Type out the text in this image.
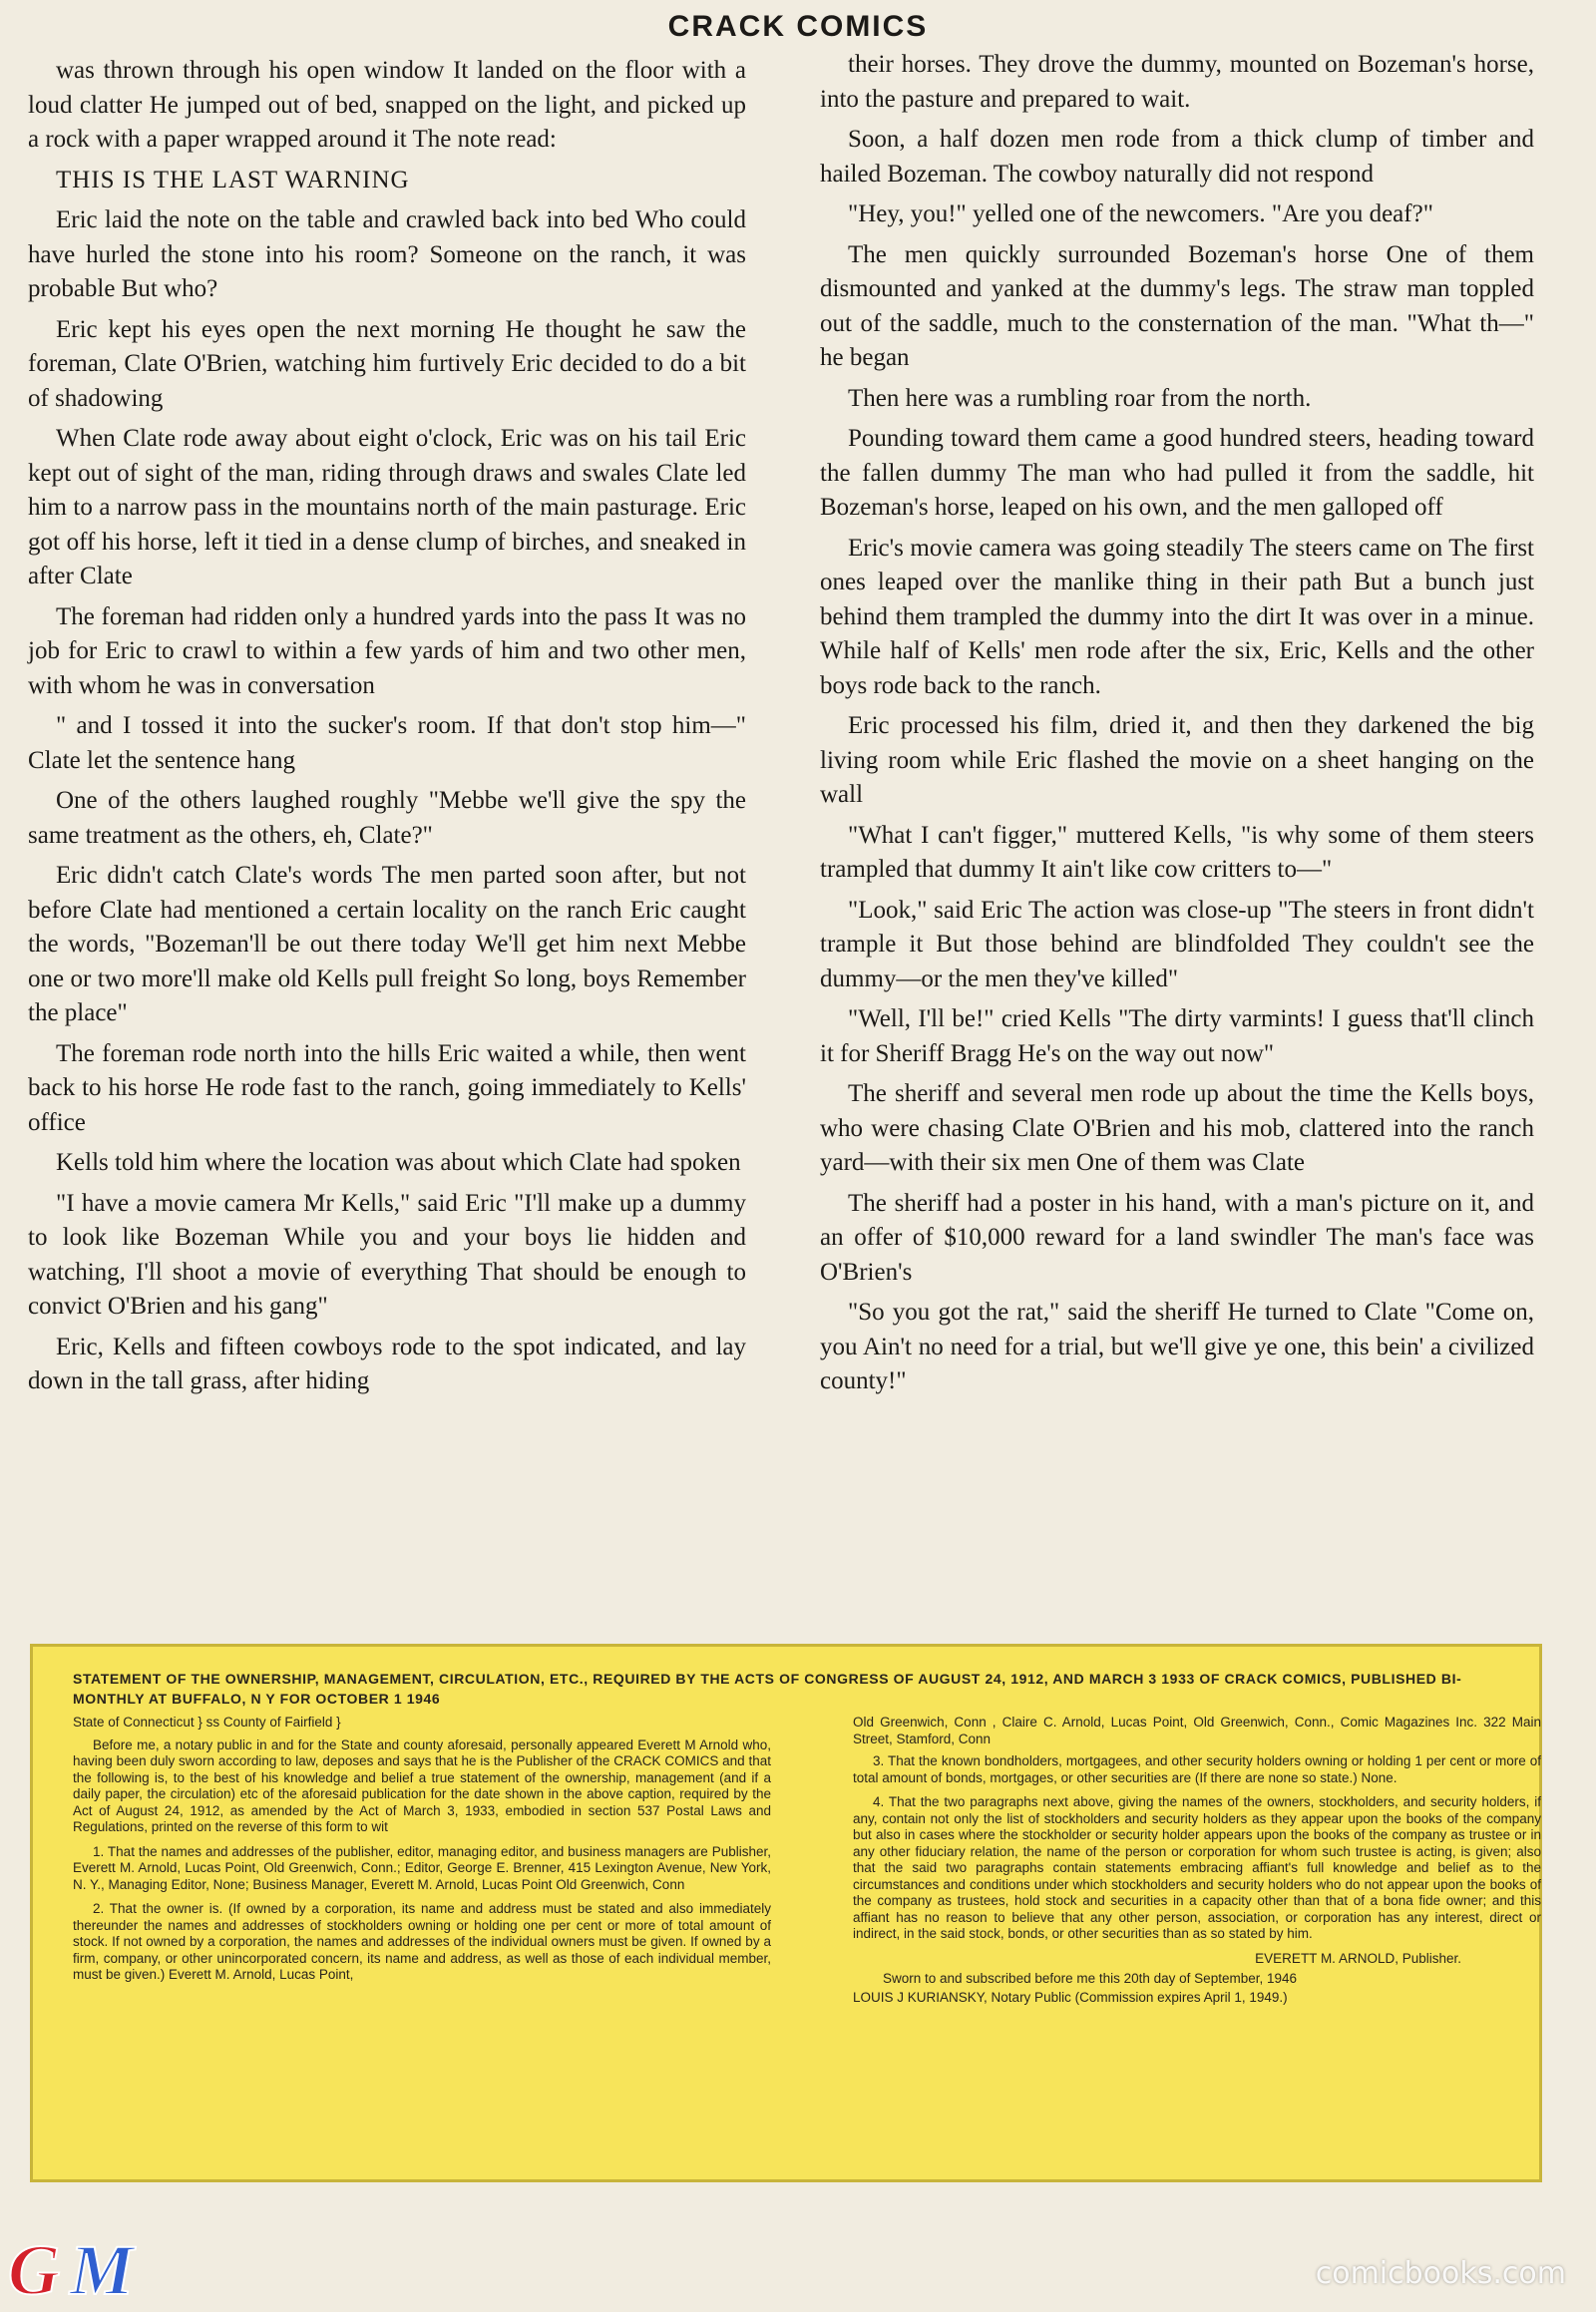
CRACK COMICS

was thrown through his open window It landed on the floor with a loud clatter He jumped out of bed, snapped on the light, and picked up a rock with a paper wrapped around it The note read:

THIS IS THE LAST WARNING

Eric laid the note on the table and crawled back into bed Who could have hurled the stone into his room? Someone on the ranch, it was probable But who?

Eric kept his eyes open the next morning He thought he saw the foreman, Clate O'Brien, watching him furtively Eric decided to do a bit of shadowing

When Clate rode away about eight o'clock, Eric was on his tail Eric kept out of sight of the man, riding through draws and swales Clate led him to a narrow pass in the mountains north of the main pasturage. Eric got off his horse, left it tied in a dense clump of birches, and sneaked in after Clate

The foreman had ridden only a hundred yards into the pass It was no job for Eric to crawl to within a few yards of him and two other men, with whom he was in conversation

" and I tossed it into the sucker's room. If that don't stop him—" Clate let the sentence hang

One of the others laughed roughly "Mebbe we'll give the spy the same treatment as the others, eh, Clate?"

Eric didn't catch Clate's words The men parted soon after, but not before Clate had mentioned a certain locality on the ranch Eric caught the words, "Bozeman'll be out there today We'll get him next Mebbe one or two more'll make old Kells pull freight So long, boys Remember the place"

The foreman rode north into the hills Eric waited a while, then went back to his horse He rode fast to the ranch, going immediately to Kells' office

Kells told him where the location was about which Clate had spoken

"I have a movie camera Mr Kells," said Eric "I'll make up a dummy to look like Bozeman While you and your boys lie hidden and watching, I'll shoot a movie of everything That should be enough to convict O'Brien and his gang"

Eric, Kells and fifteen cowboys rode to the spot indicated, and lay down in the tall grass, after hiding

their horses. They drove the dummy, mounted on Bozeman's horse, into the pasture and prepared to wait.

Soon, a half dozen men rode from a thick clump of timber and hailed Bozeman. The cowboy naturally did not respond

"Hey, you!" yelled one of the newcomers. "Are you deaf?"

The men quickly surrounded Bozeman's horse One of them dismounted and yanked at the dummy's legs. The straw man toppled out of the saddle, much to the consternation of the man. "What th—" he began

Then here was a rumbling roar from the north.

Pounding toward them came a good hundred steers, heading toward the fallen dummy The man who had pulled it from the saddle, hit Bozeman's horse, leaped on his own, and the men galloped off

Eric's movie camera was going steadily The steers came on The first ones leaped over the manlike thing in their path But a bunch just behind them trampled the dummy into the dirt It was over in a minue. While half of Kells' men rode after the six, Eric, Kells and the other boys rode back to the ranch.

Eric processed his film, dried it, and then they darkened the big living room while Eric flashed the movie on a sheet hanging on the wall

"What I can't figger," muttered Kells, "is why some of them steers trampled that dummy It ain't like cow critters to—"

"Look," said Eric The action was close-up "The steers in front didn't trample it But those behind are blindfolded They couldn't see the dummy—or the men they've killed"

"Well, I'll be!" cried Kells "The dirty varmints! I guess that'll clinch it for Sheriff Bragg He's on the way out now"

The sheriff and several men rode up about the time the Kells boys, who were chasing Clate O'Brien and his mob, clattered into the ranch yard—with their six men One of them was Clate

The sheriff had a poster in his hand, with a man's picture on it, and an offer of $10,000 reward for a land swindler The man's face was O'Brien's

"So you got the rat," said the sheriff He turned to Clate "Come on, you Ain't no need for a trial, but we'll give ye one, this bein' a civilized county!"

STATEMENT OF THE OWNERSHIP, MANAGEMENT, CIRCULATION, ETC., REQUIRED BY THE ACTS OF CONGRESS OF AUGUST 24, 1912, AND MARCH 3 1933 OF CRACK COMICS, PUBLISHED BI-MONTHLY AT BUFFALO, N Y FOR OCTOBER 1 1946

State of Connecticut } ss County of Fairfield }

Before me, a notary public in and for the State and county aforesaid, personally appeared Everett M Arnold who, having been duly sworn according to law, deposes and says that he is the Publisher of the CRACK COMICS and that the following is, to the best of his knowledge and belief a true statement of the ownership, management (and if a daily paper, the circulation) etc of the aforesaid publication for the date shown in the above caption, required by the Act of August 24, 1912, as amended by the Act of March 3, 1933, embodied in section 537 Postal Laws and Regulations, printed on the reverse of this form to wit

1. That the names and addresses of the publisher, editor, managing editor, and business managers are Publisher, Everett M. Arnold, Lucas Point, Old Greenwich, Conn.; Editor, George E. Brenner, 415 Lexington Avenue, New York, N. Y., Managing Editor, None; Business Manager, Everett M. Arnold, Lucas Point Old Greenwich, Conn

2. That the owner is. (If owned by a corporation, its name and address must be stated and also immediately thereunder the names and addresses of stockholders owning or holding one per cent or more of total amount of stock. If not owned by a corporation, the names and addresses of the individual owners must be given. If owned by a firm, company, or other unincorporated concern, its name and address, as well as those of each individual member, must be given.) Everett M. Arnold, Lucas Point,

Old Greenwich, Conn , Claire C. Arnold, Lucas Point, Old Greenwich, Conn., Comic Magazines Inc. 322 Main Street, Stamford, Conn

3. That the known bondholders, mortgagees, and other security holders owning or holding 1 per cent or more of total amount of bonds, mortgages, or other securities are (If there are none so state.) None.

4. That the two paragraphs next above, giving the names of the owners, stockholders, and security holders, if any, contain not only the list of stockholders and security holders as they appear upon the books of the company but also in cases where the stockholder or security holder appears upon the books of the company as trustee or in any other fiduciary relation, the name of the person or corporation for whom such trustee is acting, is given; also that the said two paragraphs contain statements embracing affiant's full knowledge and belief as to the circumstances and conditions under which stockholders and security holders who do not appear upon the books of the company as trustees, hold stock and securities in a capacity other than that of a bona fide owner; and this affiant has no reason to believe that any other person, association, or corporation has any interest, direct or indirect, in the said stock, bonds, or other securities than as so stated by him.

EVERETT M. ARNOLD, Publisher.

Sworn to and subscribed before me this 20th day of September, 1946

LOUIS J KURIANSKY, Notary Public (Commission expires April 1, 1949.)

G M	comicbooks.com
